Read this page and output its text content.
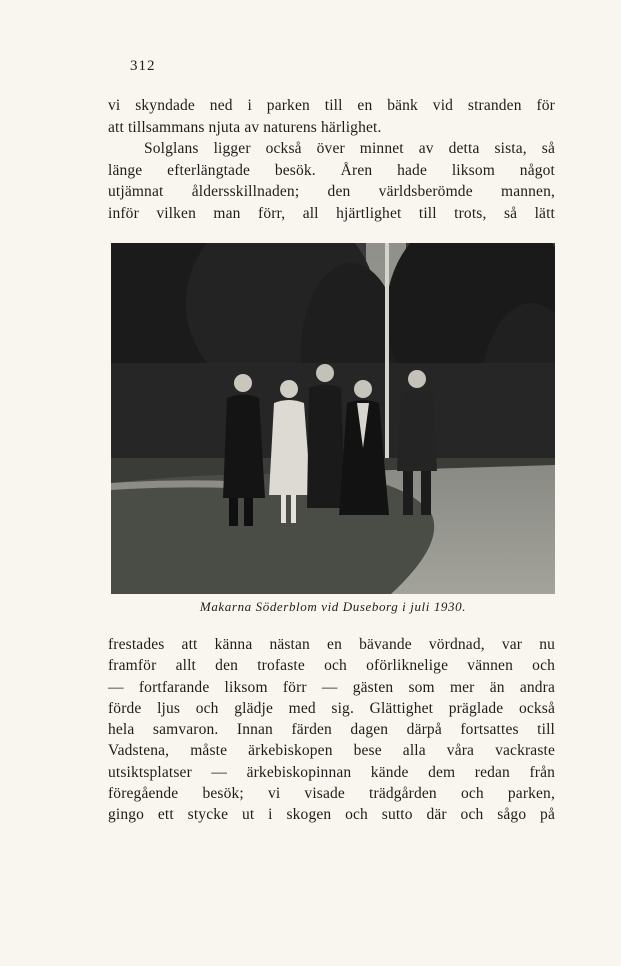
312
vi skyndade ned i parken till en bänk vid stranden för
att tillsammans njuta av naturens härlighet.
Solglans ligger också över minnet av detta sista, så
länge efterlängtade besök. Åren hade liksom något
utjämnat åldersskillnaden; den världsberömde mannen,
inför vilken man förr, all hjärtlighet till trots, så lätt
Makarna Söderblom vid Duseborg i juli 1930.
frestades att känna nästan en bävande vördnad, var nu
framför allt den trofaste och oförliknelige vännen och
— fortfarande liksom förr — gästen som mer än andra
förde ljus och glädje med sig. Glättighet präglade också
hela samvaron. Innan färden dagen därpå fortsattes till
Vadstena, måste ärkebiskopen bese alla våra vackraste
utsiktsplatser — ärkebiskopinnan kände dem redan från
föregående besök; vi visade trädgården och parken,
gingo ett stycke ut i skogen och sutto där och sågo på
